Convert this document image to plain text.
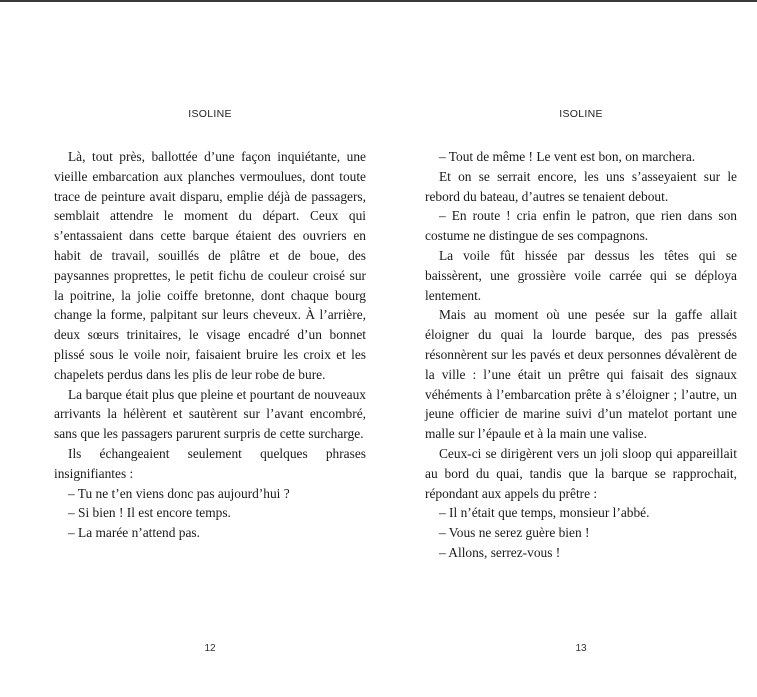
ISOLINE

Là, tout près, ballottée d’une façon inquiétante, une vieille embarcation aux planches vermoulues, dont toute trace de peinture avait disparu, emplie déjà de passagers, semblait attendre le moment du départ. Ceux qui s’entassaient dans cette barque étaient des ouvriers en habit de travail, souillés de plâtre et de boue, des paysannes proprettes, le petit fichu de couleur croisé sur la poitrine, la jolie coiffe bretonne, dont chaque bourg change la forme, palpitant sur leurs cheveux. À l’arrière, deux sœurs trinitaires, le visage encadré d’un bonnet plissé sous le voile noir, faisaient bruire les croix et les chapelets perdus dans les plis de leur robe de bure.

La barque était plus que pleine et pourtant de nouveaux arrivants la hélèrent et sautèrent sur l’avant encombré, sans que les passagers parurent surpris de cette surcharge.

Ils échangeaient seulement quelques phrases insignifiantes :

– Tu ne t’en viens donc pas aujourd’hui ?

– Si bien ! Il est encore temps.

– La marée n’attend pas.

12
ISOLINE

– Tout de même ! Le vent est bon, on marchera.

Et on se serrait encore, les uns s’asseyaient sur le rebord du bateau, d’autres se tenaient debout.

– En route ! cria enfin le patron, que rien dans son costume ne distingue de ses compagnons.

La voile fût hissée par dessus les têtes qui se baissèrent, une grossière voile carrée qui se déploya lentement.

Mais au moment où une pesée sur la gaffe allait éloigner du quai la lourde barque, des pas pressés résonnèrent sur les pavés et deux personnes dévalèrent de la ville : l’une était un prêtre qui faisait des signaux véhéments à l’embarcation prête à s’éloigner ; l’autre, un jeune officier de marine suivi d’un matelot portant une malle sur l’épaule et à la main une valise.

Ceux-ci se dirigèrent vers un joli sloop qui appareillait au bord du quai, tandis que la barque se rapprochait, répondant aux appels du prêtre :

– Il n’était que temps, monsieur l’abbé.

– Vous ne serez guère bien !

– Allons, serrez-vous !

13
